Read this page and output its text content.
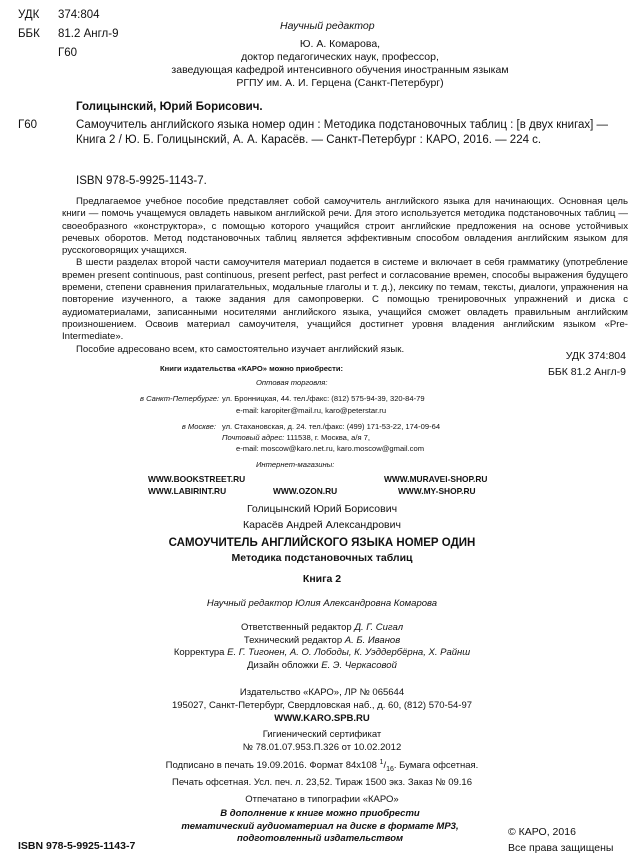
УДК 374:804
ББК 81.2 Англ-9
Г60
Научный редактор
Ю. А. Комарова,
доктор педагогических наук, профессор,
заведующая кафедрой интенсивного обучения иностранным языкам
РГПУ им. А. И. Герцена (Санкт-Петербург)
Голицынский, Юрий Борисович.
Г60	Самоучитель английского языка номер один : Методика подстановочных таблиц : [в двух книгах] — Книга 2 / Ю. Б. Голицынский, А. А. Карасёв. — Санкт-Петербург : КАРО, 2016. — 224 с.
ISBN 978-5-9925-1143-7.

Предлагаемое учебное пособие представляет собой самоучитель английского языка для начинающих. Основная цель книги — помочь учащемуся овладеть навыком английской речи. Для этого используется методика подстановочных таблиц — своеобразного «конструктора», с помощью которого учащийся строит английские предложения на основе устойчивых речевых оборотов. Метод подстановочных таблиц является эффективным способом овладения английским языком для русскоговорящих учащихся.

В шести разделах второй части самоучителя материал подается в системе и включает в себя грамматику (употребление времен present continuous, past continuous, present perfect, past perfect и согласование времен, способы выражения будущего времени, степени сравнения прилагательных, модальные глаголы и т. д.), лексику по темам, тексты, диалоги, упражнения на повторение изученного, а также задания для самопроверки. С помощью тренировочных упражнений и диска с аудиоматериалами, записанными носителями английского языка, учащийся сможет овладеть правильным английским произношением. Освоив материал самоучителя, учащийся достигнет уровня владения английским языком «Pre-Intermediate».

Пособие адресовано всем, кто самостоятельно изучает английский язык.

УДК 374:804
ББК 81.2 Англ-9
Книги издательства «КАРО» можно приобрести:
Оптовая торговля:
в Санкт-Петербурге: ул. Бронницкая, 44. тел./факс: (812) 575-94-39, 320-84-79
e-mail: karopiter@mail.ru, karo@peterstar.ru
в Москве: ул. Стахановская, д. 24. тел./факс: (499) 171-53-22, 174-09-64
Почтовый адрес: 111538, г. Москва, а/я 7,
e-mail: moscow@karo.net.ru, karo.moscow@gmail.com
Интернет-магазины:
WWW.BOOKSTREET.RU
WWW.LABIRINT.RU	WWW.OZON.RU
WWW.MURAVEI-SHOP.RU
WWW.MY-SHOP.RU
Голицынский Юрий Борисович
Карасёв Андрей Александрович
САМОУЧИТЕЛЬ АНГЛИЙСКОГО ЯЗЫКА НОМЕР ОДИН
Методика подстановочных таблиц
Книга 2
Научный редактор Юлия Александровна Комарова
Ответственный редактор Д. Г. Сигал
Технический редактор А. Б. Иванов
Корректура Е. Г. Тигонен, А. О. Лободы, К. Уэддербёрна, Х. Райнш
Дизайн обложки Е. Э. Черкасовой
Издательство «КАРО», ЛР № 065644
195027, Санкт-Петербург, Свердловская наб., д. 60, (812) 570-54-97
WWW.KARO.SPB.RU
Гигиенический сертификат
№ 78.01.07.953.П.326 от 10.02.2012
Подписано в печать 19.09.2016. Формат 84x108 $^1/_{16}$. Бумага офсетная.
Печать офсетная. Усл. печ. л. 23,52. Тираж 1500 экз. Заказ № 09.16
Отпечатано в типографии «КАРО»
ISBN 978-5-9925-1143-7
В дополнение к книге можно приобрести
тематический аудиоматериал на диске в формате MP3,
подготовленный издательством
© КАРО, 2016
Все права защищены
